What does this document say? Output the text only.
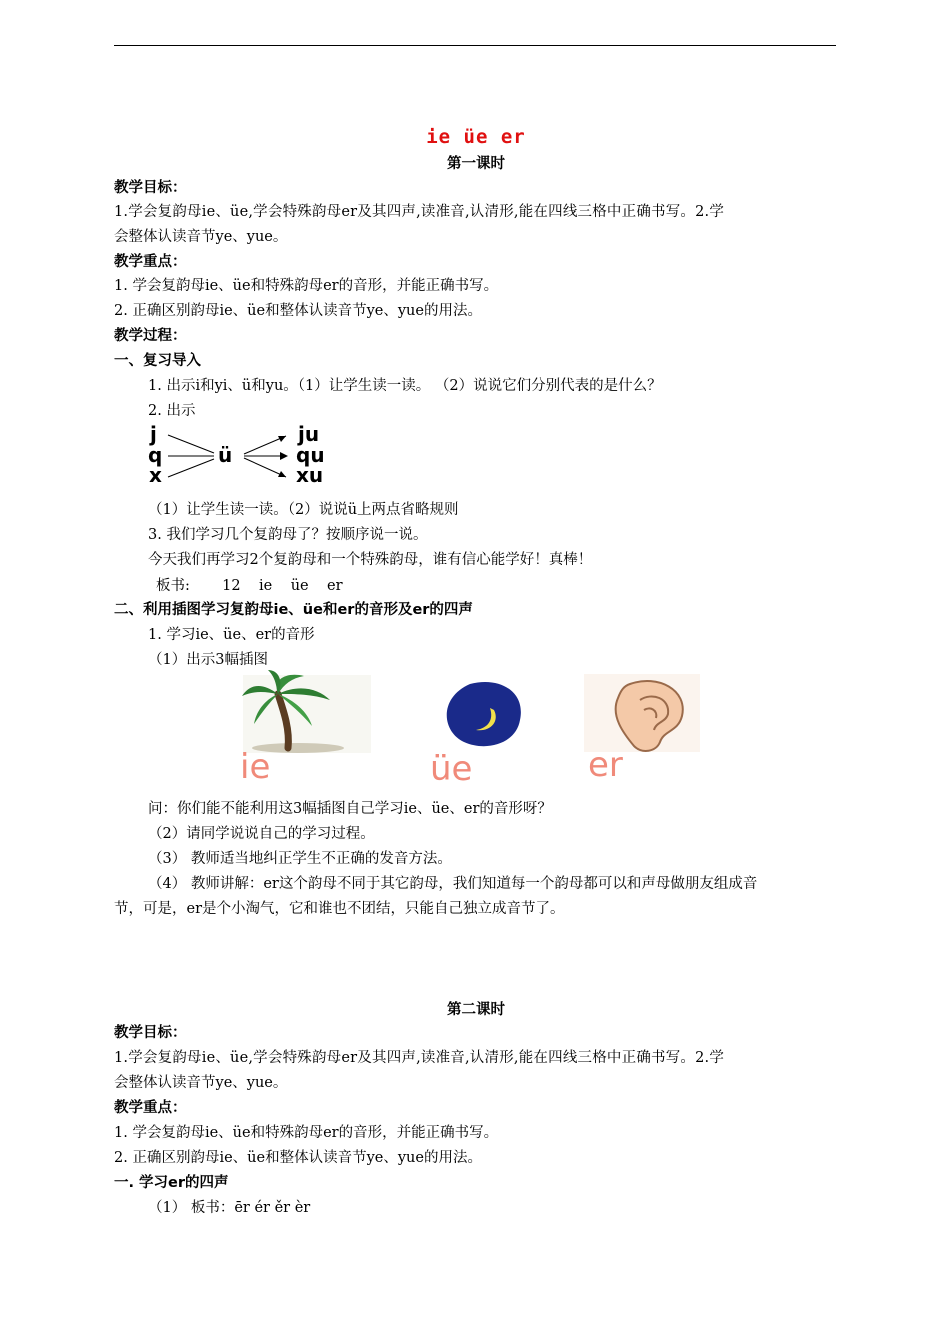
ie üe er
第一课时
教学目标：
1.学会复韵母ie、üe,学会特殊韵母er及其四声,读准音,认清形,能在四线三格中正确书写。2.学
会整体认读音节ye、yue。
教学重点：
1. 学会复韵母ie、üe和特殊韵母er的音形，并能正确书写。
2. 正确区别韵母ie、üe和整体认读音节ye、yue的用法。
教学过程：
一、复习导入
1. 出示i和yi、ü和yu。（1）让学生读一读。 （2）说说它们分别代表的是什么？
2. 出示
j
q
x
ü
ju
qu
xu
（1）让学生读一读。（2）说说ü上两点省略规则
3. 我们学习几个复韵母了？按顺序说一说。
今天我们再学习2个复韵母和一个特殊韵母，谁有信心能学好！真棒！
板书:       12    ie    üe    er
二、利用插图学习复韵母ie、üe和er的音形及er的四声
1. 学习ie、üe、er的音形
（1）出示3幅插图
ie	üe	er
问：你们能不能利用这3幅插图自己学习ie、üe、er的音形呀？
（2）请同学说说自己的学习过程。
（3） 教师适当地纠正学生不正确的发音方法。
（4） 教师讲解：er这个韵母不同于其它韵母，我们知道每一个韵母都可以和声母做朋友组成音
节，可是，er是个小淘气，它和谁也不团结，只能自己独立成音节了。
第二课时
教学目标：
1.学会复韵母ie、üe,学会特殊韵母er及其四声,读准音,认清形,能在四线三格中正确书写。2.学
会整体认读音节ye、yue。
教学重点：
1. 学会复韵母ie、üe和特殊韵母er的音形，并能正确书写。
2. 正确区别韵母ie、üe和整体认读音节ye、yue的用法。
一. 学习er的四声
（1） 板书：ēr ér ěr èr
